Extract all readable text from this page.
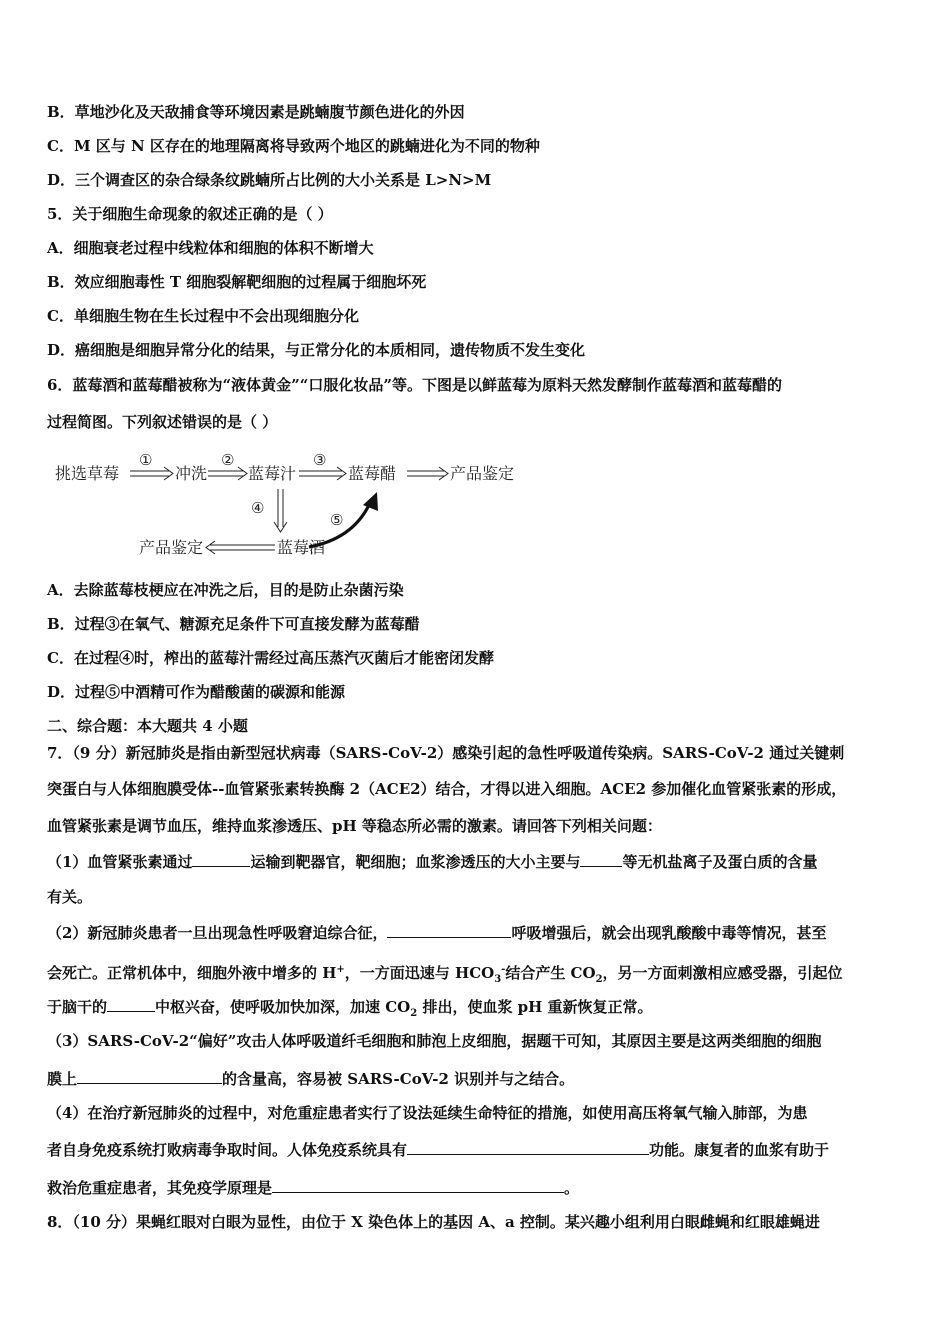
B．草地沙化及天敌捕食等环境因素是跳蝻腹节颜色进化的外因
C．M 区与 N 区存在的地理隔离将导致两个地区的跳蝻进化为不同的物种
D．三个调查区的杂合绿条纹跳蝻所占比例的大小关系是 L>N>M
5．关于细胞生命现象的叙述正确的是（ ）
A．细胞衰老过程中线粒体和细胞的体积不断增大
B．效应细胞毒性 T 细胞裂解靶细胞的过程属于细胞坏死
C．单细胞生物在生长过程中不会出现细胞分化
D．癌细胞是细胞异常分化的结果，与正常分化的本质相同，遗传物质不发生变化
6．蓝莓酒和蓝莓醋被称为“液体黄金”“口服化妆品”等。下图是以鲜蓝莓为原料天然发酵制作蓝莓酒和蓝莓醋的
过程简图。下列叙述错误的是（ ）
挑选草莓	冲洗	蓝莓汁	蓝莓醋	产品鉴定
蓝莓酒
产品鉴定
①	②	③
④
⑤
A．去除蓝莓枝梗应在冲洗之后，目的是防止杂菌污染
B．过程③在氧气、糖源充足条件下可直接发酵为蓝莓醋
C．在过程④时，榨出的蓝莓汁需经过高压蒸汽灭菌后才能密闭发酵
D．过程⑤中酒精可作为醋酸菌的碳源和能源
二、综合题：本大题共 4 小题
7．（9 分）新冠肺炎是指由新型冠状病毒（SARS-CoV-2）感染引起的急性呼吸道传染病。SARS-CoV-2 通过关键刺
突蛋白与人体细胞膜受体--血管紧张素转换酶 2（ACE2）结合，才得以进入细胞。ACE2 参加催化血管紧张素的形成，
血管紧张素是调节血压，维持血浆渗透压、pH 等稳态所必需的激素。请回答下列相关问题：
（1）血管紧张素通过	运输到靶器官，靶细胞；血浆渗透压的大小主要与	等无机盐离子及蛋白质的含量
有关。
（2）新冠肺炎患者一旦出现急性呼吸窘迫综合征，	呼吸增强后，就会出现乳酸酸中毒等情况，甚至
会死亡。正常机体中，细胞外液中增多的 H+，一方面迅速与 $HCO_3^-$结合产生 $CO_2$，另一方面刺激相应感受器，引起位
于脑干的	中枢兴奋，使呼吸加快加深，加速 $CO_2$ 排出，使血浆 pH 重新恢复正常。
（3）SARS-CoV-2“偏好”攻击人体呼吸道纤毛细胞和肺泡上皮细胞，据题干可知，其原因主要是这两类细胞的细胞
膜上	的含量高，容易被 SARS-CoV-2 识别并与之结合。
（4）在治疗新冠肺炎的过程中，对危重症患者实行了设法延续生命特征的措施，如使用高压将氧气输入肺部，为患
者自身免疫系统打败病毒争取时间。人体免疫系统具有	功能。康复者的血浆有助于
救治危重症患者，其免疫学原理是	。
8．（10 分）果蝇红眼对白眼为显性，由位于 X 染色体上的基因 A、a 控制。某兴趣小组利用白眼雌蝇和红眼雄蝇进
